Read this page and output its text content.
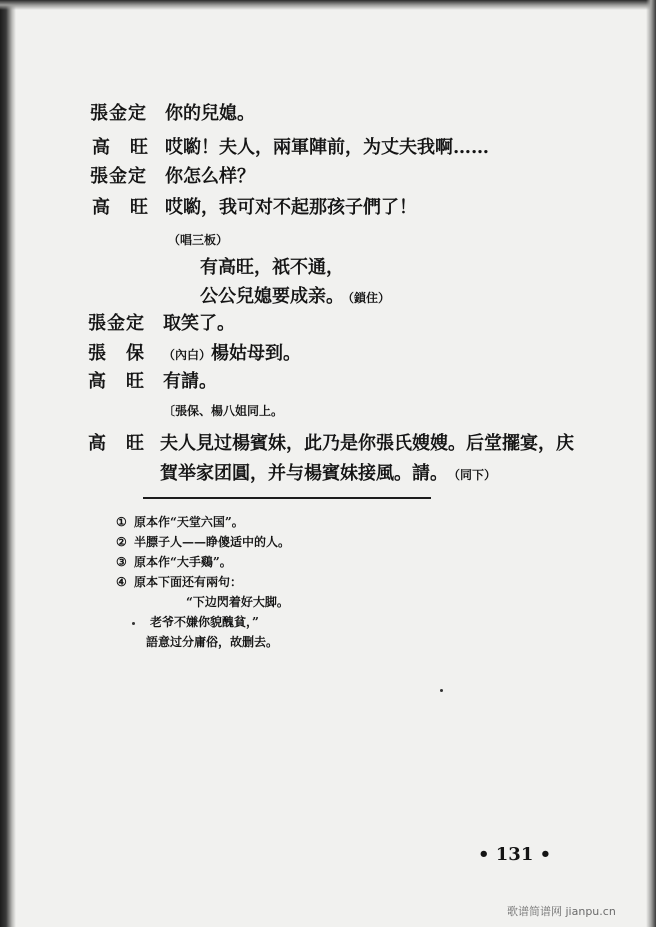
張金定 你的兒媳。
高　旺 哎喲！夫人，兩軍陣前，为丈夫我啊……
張金定 你怎么样？
高　旺 哎喲，我可对不起那孩子們了！
（唱三板）
有高旺，祇不通，
公公兒媳要成亲。 （鎖住）
張金定 取笑了。
張　保 （內白）楊姑母到。
高　旺 有請。
〔張保、楊八姐同上。
高　旺 夫人見过楊賓妹，此乃是你張氏嫂嫂。后堂擺宴，庆
賀举家团圓，并与楊賓妹接風。請。 （同下）
① 原本作“天堂六国”。
② 半膘子人——睁傻适中的人。
③ 原本作“大手鷄”。
④ 原本下面还有兩句：
“下边閃着好大脚。
老爷不嫌你貌醜貧，”
語意过分庸俗，故删去。
• 131 •
歌谱简谱网 jianpu.cn
